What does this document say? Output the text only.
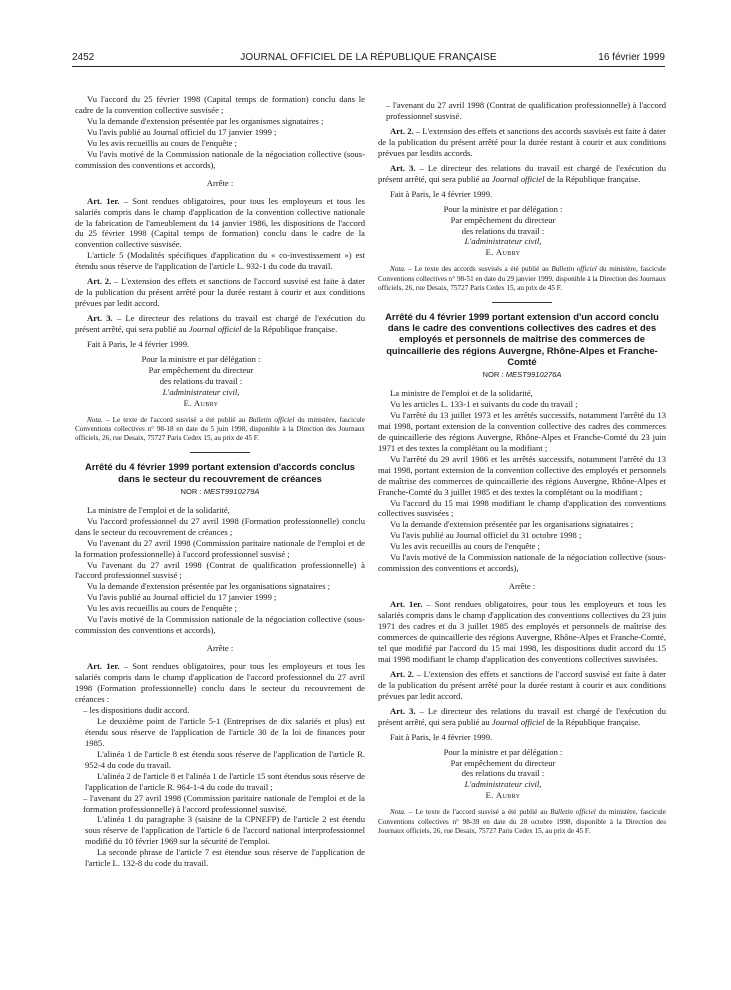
2452	JOURNAL OFFICIEL DE LA RÉPUBLIQUE FRANÇAISE	16 février 1999

Vu l'accord du 25 février 1998 (Capital temps de formation) conclu dans le cadre de la convention collective susvisée ;

Vu la demande d'extension présentée par les organismes signataires ;

Vu l'avis publié au Journal officiel du 17 janvier 1999 ;

Vu les avis recueillis au cours de l'enquête ;

Vu l'avis motivé de la Commission nationale de la négociation collective (sous-commission des conventions et accords),

Arrête :

Art. 1er. – Sont rendues obligatoires, pour tous les employeurs et tous les salariés compris dans le champ d'application de la convention collective nationale de la fabrication de l'ameublement du 14 janvier 1986, les dispositions de l'accord du 25 février 1998 (Capital temps de formation) conclu dans le cadre de la convention collective susvisée.

L'article 5 (Modalités spécifiques d'application du « co-investissement ») est étendu sous réserve de l'application de l'article L. 932-1 du code du travail.

Art. 2. – L'extension des effets et sanctions de l'accord susvisé est faite à dater de la publication du présent arrêté pour la durée restant à courir et aux conditions prévues par ledit accord.

Art. 3. – Le directeur des relations du travail est chargé de l'exécution du présent arrêté, qui sera publié au Journal officiel de la République française.

Fait à Paris, le 4 février 1999.

Pour la ministre et par délégation :
Par empêchement du directeur
des relations du travail :
L'administrateur civil,
E. Aubry

Nota. – Le texte de l'accord susvisé a été publié au Bulletin officiel du ministère, fascicule Conventions collectives n° 98-18 en date du 5 juin 1998, disponible à la Direction des Journaux officiels, 26, rue Desaix, 75727 Paris Cedex 15, au prix de 45 F.

Arrêté du 4 février 1999 portant extension d'accords conclus dans le secteur du recouvrement de créances

NOR : MEST9910279A

La ministre de l'emploi et de la solidarité,

Vu l'accord professionnel du 27 avril 1998 (Formation professionnelle) conclu dans le secteur du recouvrement de créances ;

Vu l'avenant du 27 avril 1998 (Commission paritaire nationale de l'emploi et de la formation professionnelle) à l'accord professionnel susvisé ;

Vu l'avenant du 27 avril 1998 (Contrat de qualification professionnelle) à l'accord professionnel susvisé ;

Vu la demande d'extension présentée par les organisations signataires ;

Vu l'avis publié au Journal officiel du 17 janvier 1999 ;

Vu les avis recueillis au cours de l'enquête ;

Vu l'avis motivé de la Commission nationale de la négociation collective (sous-commission des conventions et accords),

Arrête :

Art. 1er. – Sont rendues obligatoires, pour tous les employeurs et tous les salariés compris dans le champ d'application de l'accord professionnel du 27 avril 1998 (Formation professionnelle) conclu dans le secteur du recouvrement de créances :

– les dispositions dudit accord.

Le deuxième point de l'article 5-1 (Entreprises de dix salariés et plus) est étendu sous réserve de l'application de l'article 30 de la loi de finances pour 1985.

L'alinéa 1 de l'article 8 est étendu sous réserve de l'application de l'article R. 952-4 du code du travail.

L'alinéa 2 de l'article 8 et l'alinéa 1 de l'article 15 sont étendus sous réserve de l'application de l'article R. 964-1-4 du code du travail ;

– l'avenant du 27 avril 1998 (Commission paritaire nationale de l'emploi et de la formation professionnelle) à l'accord professionnel susvisé.

L'alinéa 1 du paragraphe 3 (saisine de la CPNEFP) de l'article 2 est étendu sous réserve de l'application de l'article 6 de l'accord national interprofessionnel modifié du 10 février 1969 sur la sécurité de l'emploi.

La seconde phrase de l'article 7 est étendue sous réserve de l'application de l'article L. 132-8 du code du travail.

– l'avenant du 27 avril 1998 (Contrat de qualification professionnelle) à l'accord professionnel susvisé.

Art. 2. – L'extension des effets et sanctions des accords susvisés est faite à dater de la publication du présent arrêté pour la durée restant à courir et aux conditions prévues par lesdits accords.

Art. 3. – Le directeur des relations du travail est chargé de l'exécution du présent arrêté, qui sera publié au Journal officiel de la République française.

Fait à Paris, le 4 février 1999.

Pour la ministre et par délégation :
Par empêchement du directeur
des relations du travail :
L'administrateur civil,
E. Aubry

Nota. – Le texte des accords susvisés a été publié au Bulletin officiel du ministère, fascicule Conventions collectives n° 98-51 en date du 29 janvier 1999, disponible à la Direction des Journaux officiels, 26, rue Desaix, 75727 Paris Cedex 15, au prix de 45 F.

Arrêté du 4 février 1999 portant extension d'un accord conclu dans le cadre des conventions collectives des cadres et des employés et personnels de maîtrise des commerces de quincaillerie des régions Auvergne, Rhône-Alpes et Franche-Comté

NOR : MEST9910276A

La ministre de l'emploi et de la solidarité,

Vu les articles L. 133-1 et suivants du code du travail ;

Vu l'arrêté du 13 juillet 1973 et les arrêtés successifs, notamment l'arrêté du 13 mai 1998, portant extension de la convention collective des cadres des commerces de quincaillerie des régions Auvergne, Rhône-Alpes et Franche-Comté du 23 juin 1971 et des textes la complétant ou la modifiant ;

Vu l'arrêté du 29 avril 1986 et les arrêtés successifs, notamment l'arrêté du 13 mai 1998, portant extension de la convention collective des employés et personnels de maîtrise des commerces de quincaillerie des régions Auvergne, Rhône-Alpes et Franche-Comté du 3 juillet 1985 et des textes la complétant ou la modifiant ;

Vu l'accord du 15 mai 1998 modifiant le champ d'application des conventions collectives susvisées ;

Vu la demande d'extension présentée par les organisations signataires ;

Vu l'avis publié au Journal officiel du 31 octobre 1998 ;

Vu les avis recueillis au cours de l'enquête ;

Vu l'avis motivé de la Commission nationale de la négociation collective (sous-commission des conventions et accords),

Arrête :

Art. 1er. – Sont rendues obligatoires, pour tous les employeurs et tous les salariés compris dans le champ d'application des conventions collectives du 23 juin 1971 des cadres et du 3 juillet 1985 des employés et personnels de maîtrise des commerces de quincaillerie des régions Auvergne, Rhône-Alpes et Franche-Comté, tel que modifié par l'accord du 15 mai 1998, les dispositions dudit accord du 15 mai 1998 modifiant le champ d'application des conventions collectives susvisées.

Art. 2. – L'extension des effets et sanctions de l'accord susvisé est faite à dater de la publication du présent arrêté pour la durée restant à courir et aux conditions prévues par ledit accord.

Art. 3. – Le directeur des relations du travail est chargé de l'exécution du présent arrêté, qui sera publié au Journal officiel de la République française.

Fait à Paris, le 4 février 1999.

Pour la ministre et par délégation :
Par empêchement du directeur
des relations du travail :
L'administrateur civil,
E. Aubry

Nota. – Le texte de l'accord susvisé a été publié au Bulletin officiel du ministère, fascicule Conventions collectives n° 98-39 en date du 28 octobre 1998, disponible à la Direction des Journaux officiels, 26, rue Desaix, 75727 Paris Cedex 15, au prix de 45 F.
